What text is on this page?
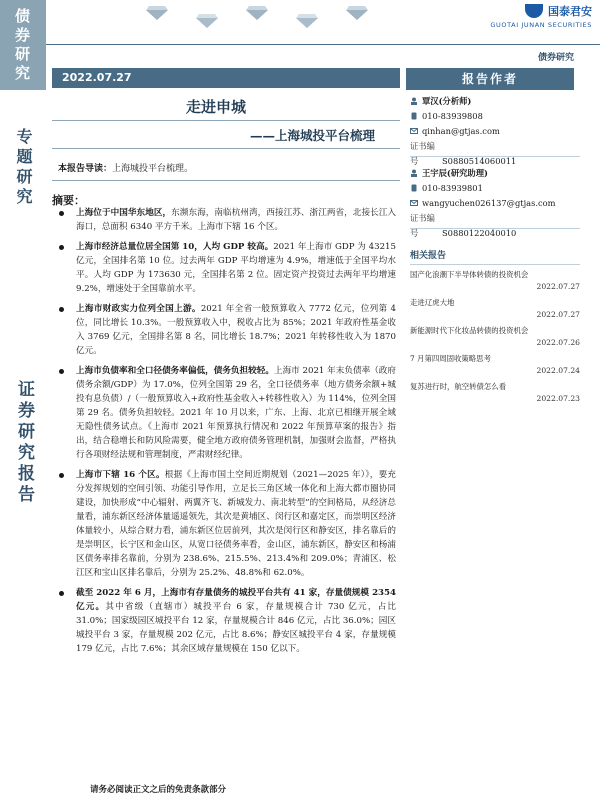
债券研究
专题研究
证券研究报告
国泰君安
GUOTAI JUNAN SECURITIES
债券研究
2022.07.27
走进申城
——上海城投平台梳理
本报告导读：上海城投平台梳理。
摘要：
上海位于中国华东地区，东濒东海，南临杭州湾，西接江苏、浙江两省，北接长江入海口，总面积 6340 平方千米。上海市下辖 16 个区。
上海市经济总量位居全国第 10，人均 GDP 较高。2021 年上海市 GDP 为 43215 亿元，全国排名第 10 位。过去两年 GDP 平均增速为 4.9%，增速低于全国平均水平。人均 GDP 为 173630 元，全国排名第 2 位。固定资产投资过去两年平均增速 9.2%，增速处于全国靠前水平。
上海市财政实力位列全国上游。2021 年全省一般预算收入 7772 亿元，位列第 4 位，同比增长 10.3%。一般预算收入中，税收占比为 85%；2021 年政府性基金收入 3769 亿元，全国排名第 8 名，同比增长 18.7%；2021 年转移性收入为 1870 亿元。
上海市负债率和全口径债务率偏低，债务负担较轻。上海市 2021 年末负债率（政府债务余额/GDP）为 17.0%，位列全国第 29 名，全口径债务率（地方债务余额+城投有息负债）/（一般预算收入+政府性基金收入+转移性收入）为 114%，位列全国第 29 名。债务负担较轻。2021 年 10 月以来，广东、上海、北京已相继开展全域无隐性债务试点。《上海市 2021 年预算执行情况和 2022 年预算草案的报告》指出，结合稳增长和防风险需要，健全地方政府债务管理机制，加强财会监督，严格执行各项财经法规和管理制度，严肃财经纪律。
上海市下辖 16 个区。根据《上海市国土空间近期规划（2021—2025 年）》，要充分发挥规划的空间引领、功能引导作用，立足长三角区域一体化和上海大都市圈协同建设，加快形成“中心辐射、两翼齐飞、新城发力、南北转型”的空间格局，从经济总量看，浦东新区经济体量遥遥领先，其次是黄埔区、闵行区和嘉定区，而崇明区经济体量较小，从综合财力看，浦东新区位居前列，其次是闵行区和静安区，排名靠后的是崇明区，长宁区和金山区，从宽口径债务率看，金山区，浦东新区，静安区和杨浦区债务率排名靠前，分别为 238.6%、215.5%、213.4%和 209.0%；青浦区、松江区和宝山区排名靠后，分别为 25.2%、48.8%和 62.0%。
截至 2022 年 6 月，上海市有存量债务的城投平台共有 41 家，存量债规模 2354 亿元。其中省级（直辖市）城投平台 6 家，存量规模合计 730 亿元，占比 31.0%；国家级园区城投平台 12 家，存量规模合计 846 亿元，占比 36.0%；园区城投平台 3 家，存量规模 202 亿元，占比 8.6%；静安区城投平台 4 家，存量规模 179 亿元，占比 7.6%；其余区域存量规模在 150 亿以下。
报告作者
覃汉(分析师)
010-83939808
qinhan@gtjas.com
证书编号	S0880514060011
王宇辰(研究助理)
010-83939801
wangyuchen026137@gtjas.com
证书编号	S0880122040010
相关报告
国产化浪潮下半导体转债的投资机会
2022.07.27
走进辽虎大地
2022.07.27
新能源时代下化妆品转债的投资机会
2022.07.26
7 月第四周固收策略思考
2022.07.24
复苏进行时，航空转债怎么看
2022.07.23
请务必阅读正文之后的免责条款部分
